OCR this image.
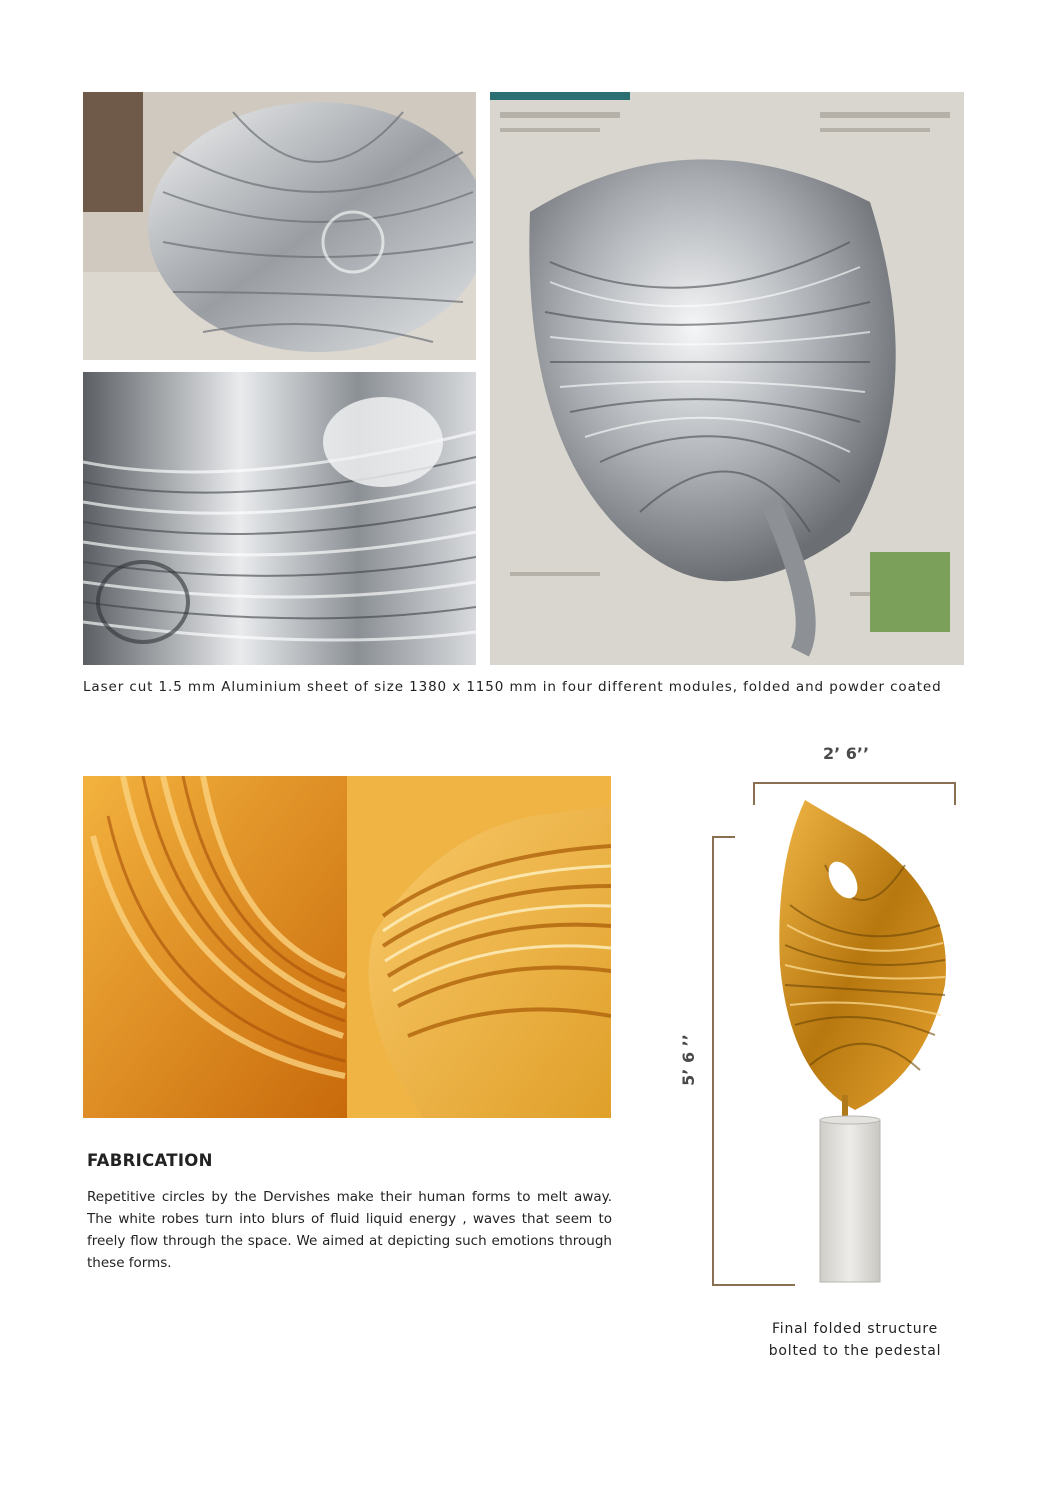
Laser cut 1.5 mm Aluminium sheet of size 1380 x 1150 mm in four different modules, folded and powder coated
FABRICATION
Repetitive circles by the Dervishes make their human forms to melt away. The white robes turn into blurs of fluid liquid energy , waves that seem to freely flow through the space. We aimed at depicting such emotions through these forms.
2’ 6’’
5’ 6 ’’
Final folded structure
bolted to the pedestal
